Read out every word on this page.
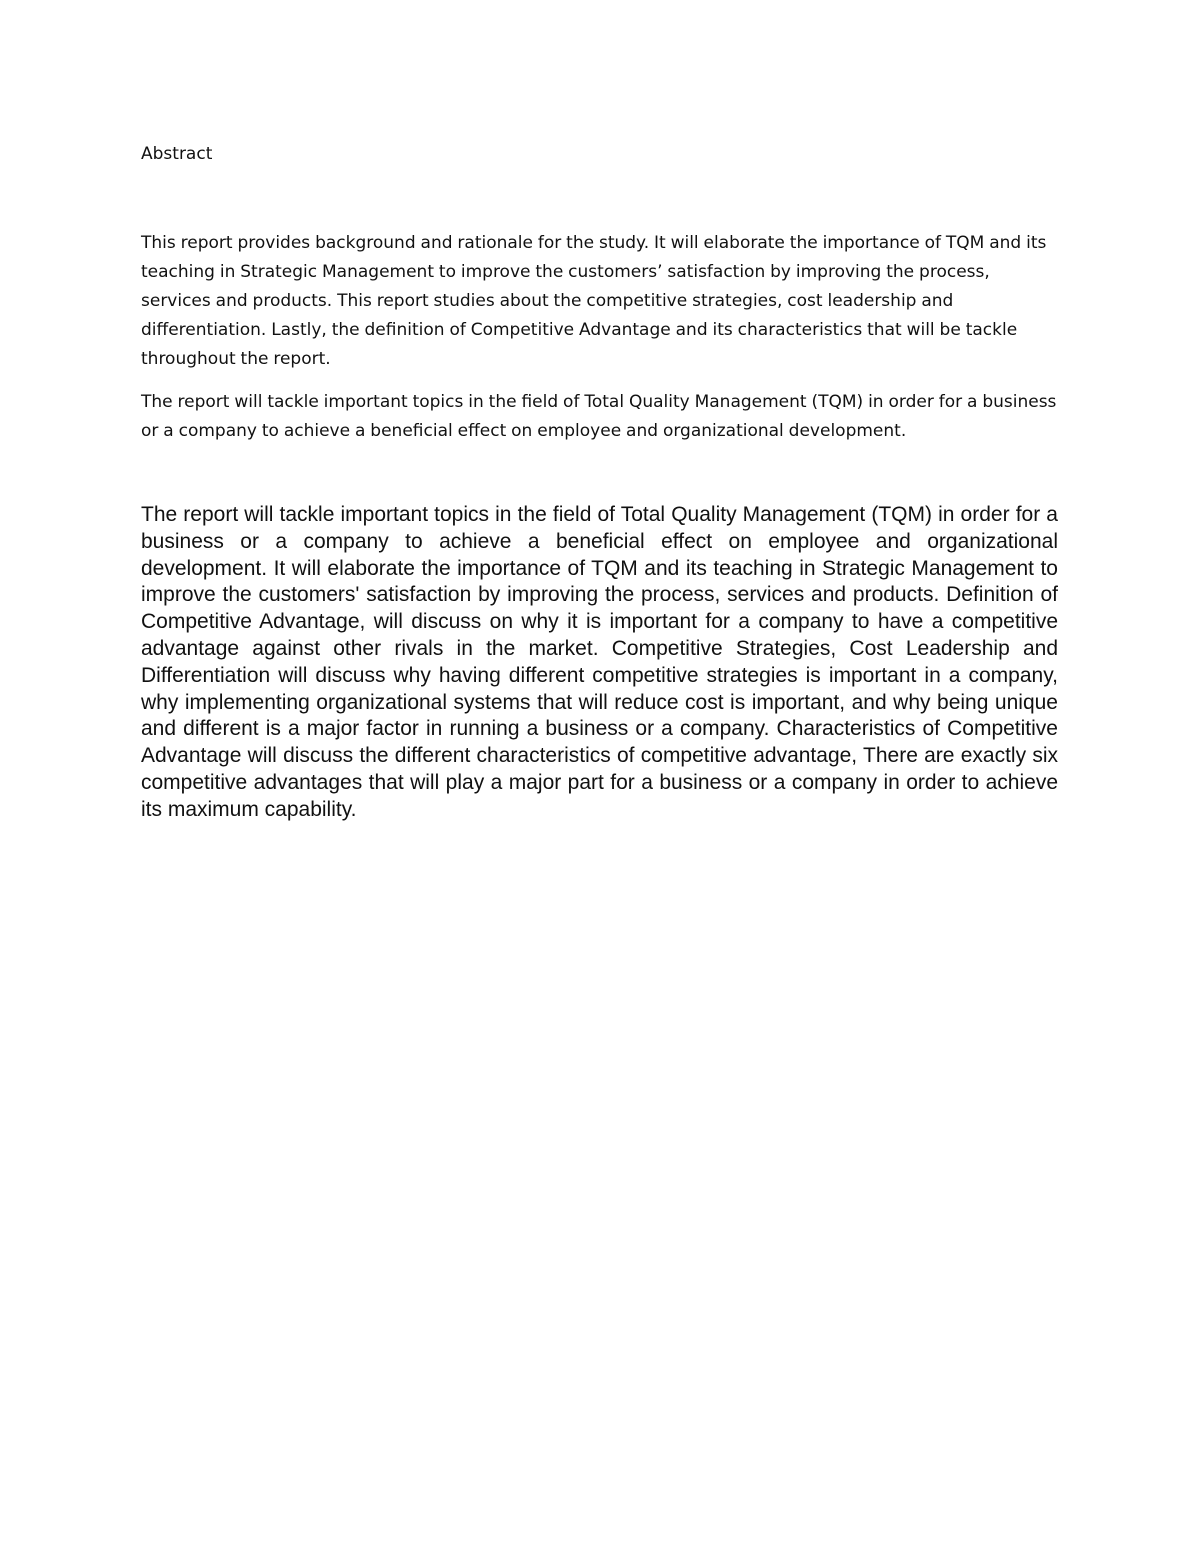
Abstract

This report provides background and rationale for the study. It will elaborate the importance of TQM and its teaching in Strategic Management to improve the customers’ satisfaction by improving the process, services and products. This report studies about the competitive strategies, cost leadership and differentiation. Lastly, the definition of Competitive Advantage and its characteristics that will be tackle throughout the report.

The report will tackle important topics in the field of Total Quality Management (TQM) in order for a business or a company to achieve a beneficial effect on employee and organizational development.

The report will tackle important topics in the field of Total Quality Management (TQM) in order for a business or a company to achieve a beneficial effect on employee and organizational development. It will elaborate the importance of TQM and its teaching in Strategic Management to improve the customers' satisfaction by improving the process, services and products. Definition of Competitive Advantage, will discuss on why it is important for a company to have a competitive advantage against other rivals in the market. Competitive Strategies, Cost Leadership and Differentiation will discuss why having different competitive strategies is important in a company, why implementing organizational systems that will reduce cost is important, and why being unique and different is a major factor in running a business or a company. Characteristics of Competitive Advantage will discuss the different characteristics of competitive advantage, There are exactly six competitive advantages that will play a major part for a business or a company in order to achieve its maximum capability.
